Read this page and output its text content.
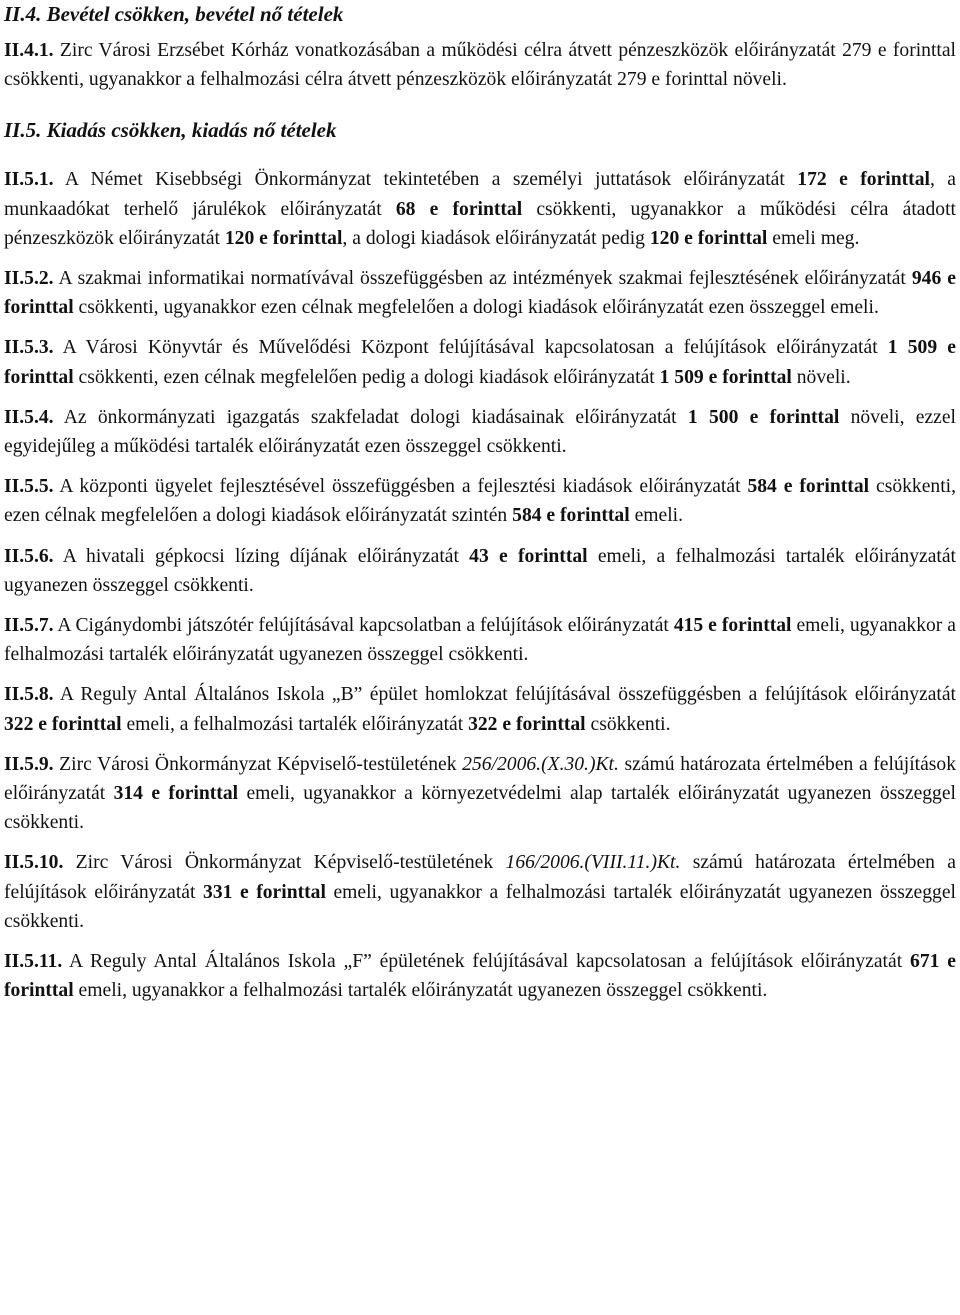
II.4. Bevétel csökken, bevétel nő tételek

II.4.1. Zirc Városi Erzsébet Kórház vonatkozásában a működési célra átvett pénzeszközök előirányzatát 279 e forinttal csökkenti, ugyanakkor a felhalmozási célra átvett pénzeszközök előirányzatát 279 e forinttal növeli.

II.5. Kiadás csökken, kiadás nő tételek

II.5.1. A Német Kisebbségi Önkormányzat tekintetében a személyi juttatások előirányzatát 172 e forinttal, a munkaadókat terhelő járulékok előirányzatát 68 e forinttal csökkenti, ugyanakkor a működési célra átadott pénzeszközök előirányzatát 120 e forinttal, a dologi kiadások előirányzatát pedig 120 e forinttal emeli meg.

II.5.2. A szakmai informatikai normatívával összefüggésben az intézmények szakmai fejlesztésének előirányzatát 946 e forinttal csökkenti, ugyanakkor ezen célnak megfelelően a dologi kiadások előirányzatát ezen összeggel emeli.

II.5.3. A Városi Könyvtár és Művelődési Központ felújításával kapcsolatosan a felújítások előirányzatát 1 509 e forinttal csökkenti, ezen célnak megfelelően pedig a dologi kiadások előirányzatát 1 509 e forinttal növeli.

II.5.4. Az önkormányzati igazgatás szakfeladat dologi kiadásainak előirányzatát 1 500 e forinttal növeli, ezzel egyidejűleg a működési tartalék előirányzatát ezen összeggel csökkenti.

II.5.5. A központi ügyelet fejlesztésével összefüggésben a fejlesztési kiadások előirányzatát 584 e forinttal csökkenti, ezen célnak megfelelően a dologi kiadások előirányzatát szintén 584 e forinttal emeli.

II.5.6. A hivatali gépkocsi lízing díjának előirányzatát 43 e forinttal emeli, a felhalmozási tartalék előirányzatát ugyanezen összeggel csökkenti.

II.5.7. A Cigánydombi játszótér felújításával kapcsolatban a felújítások előirányzatát 415 e forinttal emeli, ugyanakkor a felhalmozási tartalék előirányzatát ugyanezen összeggel csökkenti.

II.5.8. A Reguly Antal Általános Iskola „B” épület homlokzat felújításával összefüggésben a felújítások előirányzatát 322 e forinttal emeli, a felhalmozási tartalék előirányzatát 322 e forinttal csökkenti.

II.5.9. Zirc Városi Önkormányzat Képviselő-testületének 256/2006.(X.30.)Kt. számú határozata értelmében a felújítások előirányzatát 314 e forinttal emeli, ugyanakkor a környezetvédelmi alap tartalék előirányzatát ugyanezen összeggel csökkenti.

II.5.10. Zirc Városi Önkormányzat Képviselő-testületének 166/2006.(VIII.11.)Kt. számú határozata értelmében a felújítások előirányzatát 331 e forinttal emeli, ugyanakkor a felhalmozási tartalék előirányzatát ugyanezen összeggel csökkenti.

II.5.11. A Reguly Antal Általános Iskola „F” épületének felújításával kapcsolatosan a felújítások előirányzatát 671 e forinttal emeli, ugyanakkor a felhalmozási tartalék előirányzatát ugyanezen összeggel csökkenti.
